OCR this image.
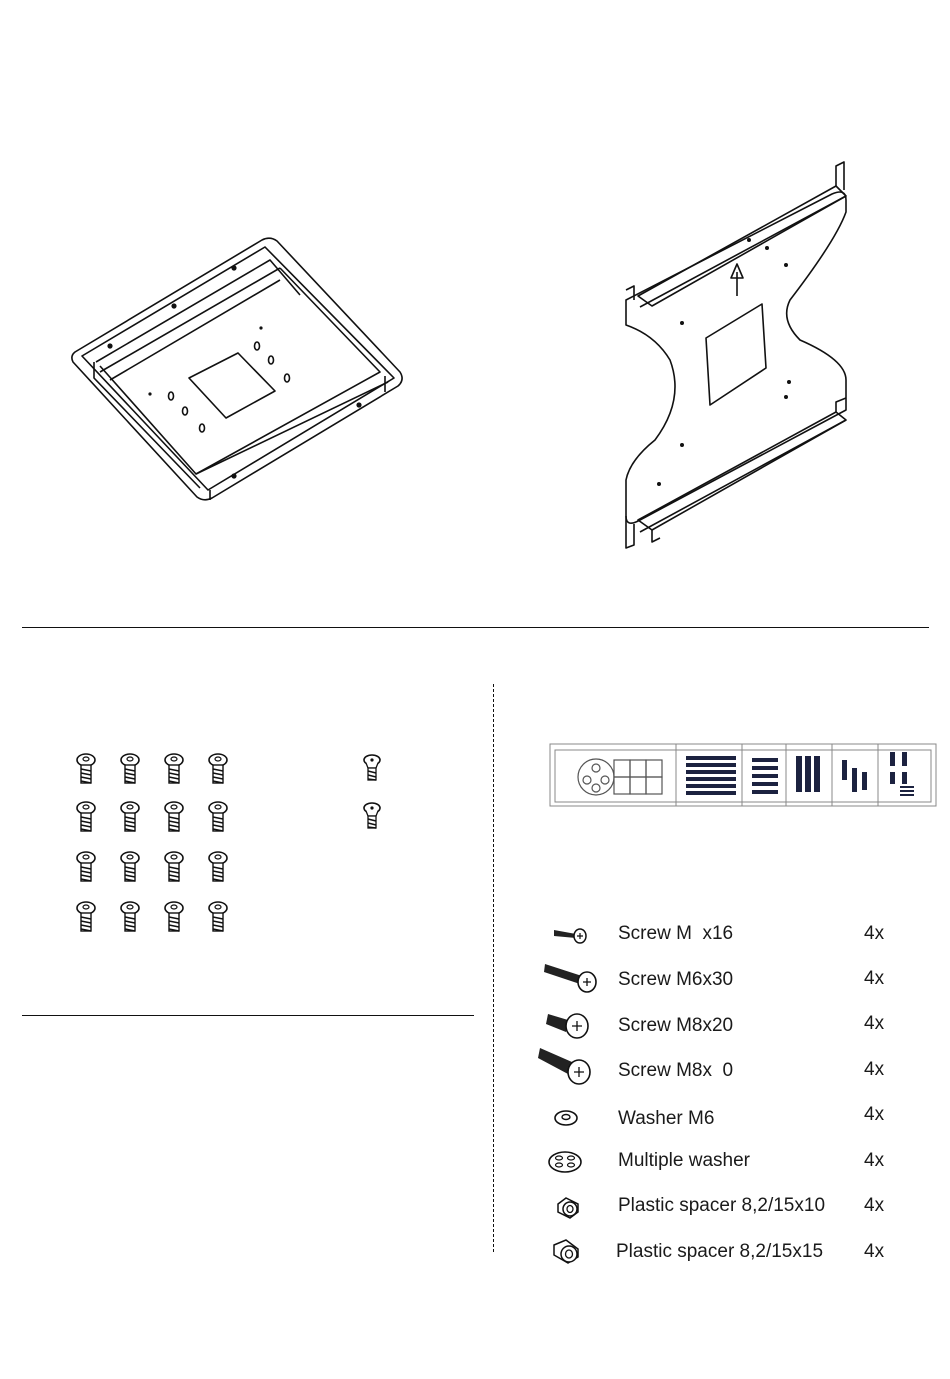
Screw M  x16	4x
Screw M6x30	4x
Screw M8x20	4x
Screw M8x  0	4x
Washer M6	4x
Multiple washer	4x
Plastic spacer 8,2/15x10 4x
Plastic spacer 8,2/15x15 4x
